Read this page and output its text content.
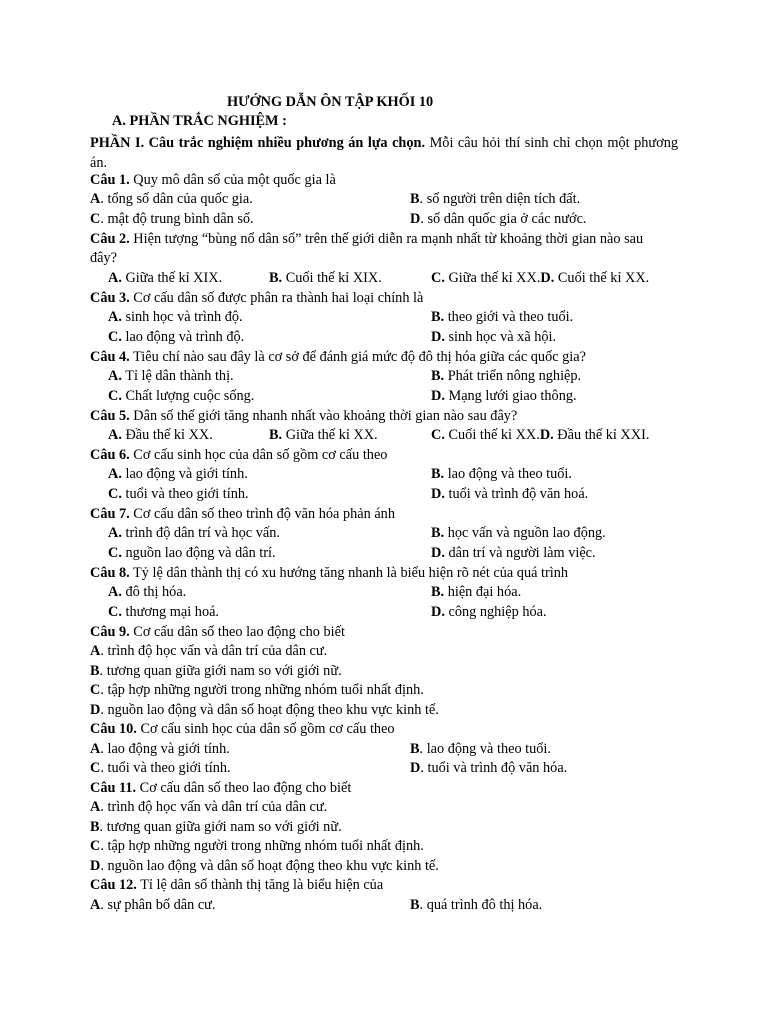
HƯỚNG DẪN ÔN TẬP KHỐI 10
A. PHẦN TRẮC NGHIỆM :
PHẦN I. Câu trắc nghiệm nhiều phương án lựa chọn. Mỗi câu hỏi thí sinh chỉ chọn một phương án.
Câu 1. Quy mô dân số của một quốc gia là
A. tổng số dân của quốc gia.	B. số người trên diện tích đất.
C. mật độ trung bình dân số.	D. số dân quốc gia ở các nước.
Câu 2. Hiện tượng “bùng nổ dân số” trên thế giới diễn ra mạnh nhất từ khoảng thời gian nào sau
đây?
A. Giữa thế kỉ XIX.	B. Cuối thế kỉ XIX.	C. Giữa thế kỉ XX.D. Cuối thế kỉ XX.
Câu 3. Cơ cấu dân số được phân ra thành hai loại chính là
A. sinh học và trình độ.	B. theo giới và theo tuổi.
C. lao động và trình độ.	D. sinh học và xã hội.
Câu 4. Tiêu chí nào sau đây là cơ sở để đánh giá mức độ đô thị hóa giữa các quốc gia?
A. Tỉ lệ dân thành thị.	B. Phát triển nông nghiệp.
C. Chất lượng cuộc sống.	D. Mạng lưới giao thông.
Câu 5. Dân số thế giới tăng nhanh nhất vào khoảng thời gian nào sau đây?
A. Đầu thế kỉ XX.	B. Giữa thế kỉ XX.	C. Cuối thế kỉ XX.D. Đầu thế kỉ XXI.
Câu 6. Cơ cấu sinh học của dân số gồm cơ cấu theo
A. lao động và giới tính.	B. lao động và theo tuổi.
C. tuổi và theo giới tính.	D. tuổi và trình độ văn hoá.
Câu 7. Cơ cấu dân số theo trình độ văn hóa phản ánh
A. trình độ dân trí và học vấn.	B. học vấn và nguồn lao động.
C. nguồn lao động và dân trí.	D. dân trí và người làm việc.
Câu 8. Tỷ lệ dân thành thị có xu hướng tăng nhanh là biểu hiện rõ nét của quá trình
A. đô thị hóa.	B. hiện đại hóa.
C. thương mại hoá.	D. công nghiệp hóa.
Câu 9. Cơ cấu dân số theo lao động cho biết
A. trình độ học vấn và dân trí của dân cư.
B. tương quan giữa giới nam so với giới nữ.
C. tập hợp những người trong những nhóm tuổi nhất định.
D. nguồn lao động và dân số hoạt động theo khu vực kinh tế.
Câu 10. Cơ cấu sinh học của dân số gồm cơ cấu theo
A. lao động và giới tính.	B. lao động và theo tuổi.
C. tuổi và theo giới tính.	D. tuổi và trình độ văn hóa.
Câu 11. Cơ cấu dân số theo lao động cho biết
A. trình độ học vấn và dân trí của dân cư.
B. tương quan giữa giới nam so với giới nữ.
C. tập hợp những người trong những nhóm tuổi nhất định.
D. nguồn lao động và dân số hoạt động theo khu vực kinh tế.
Câu 12. Tỉ lệ dân số thành thị tăng là biểu hiện của
A. sự phân bố dân cư.	B. quá trình đô thị hóa.
